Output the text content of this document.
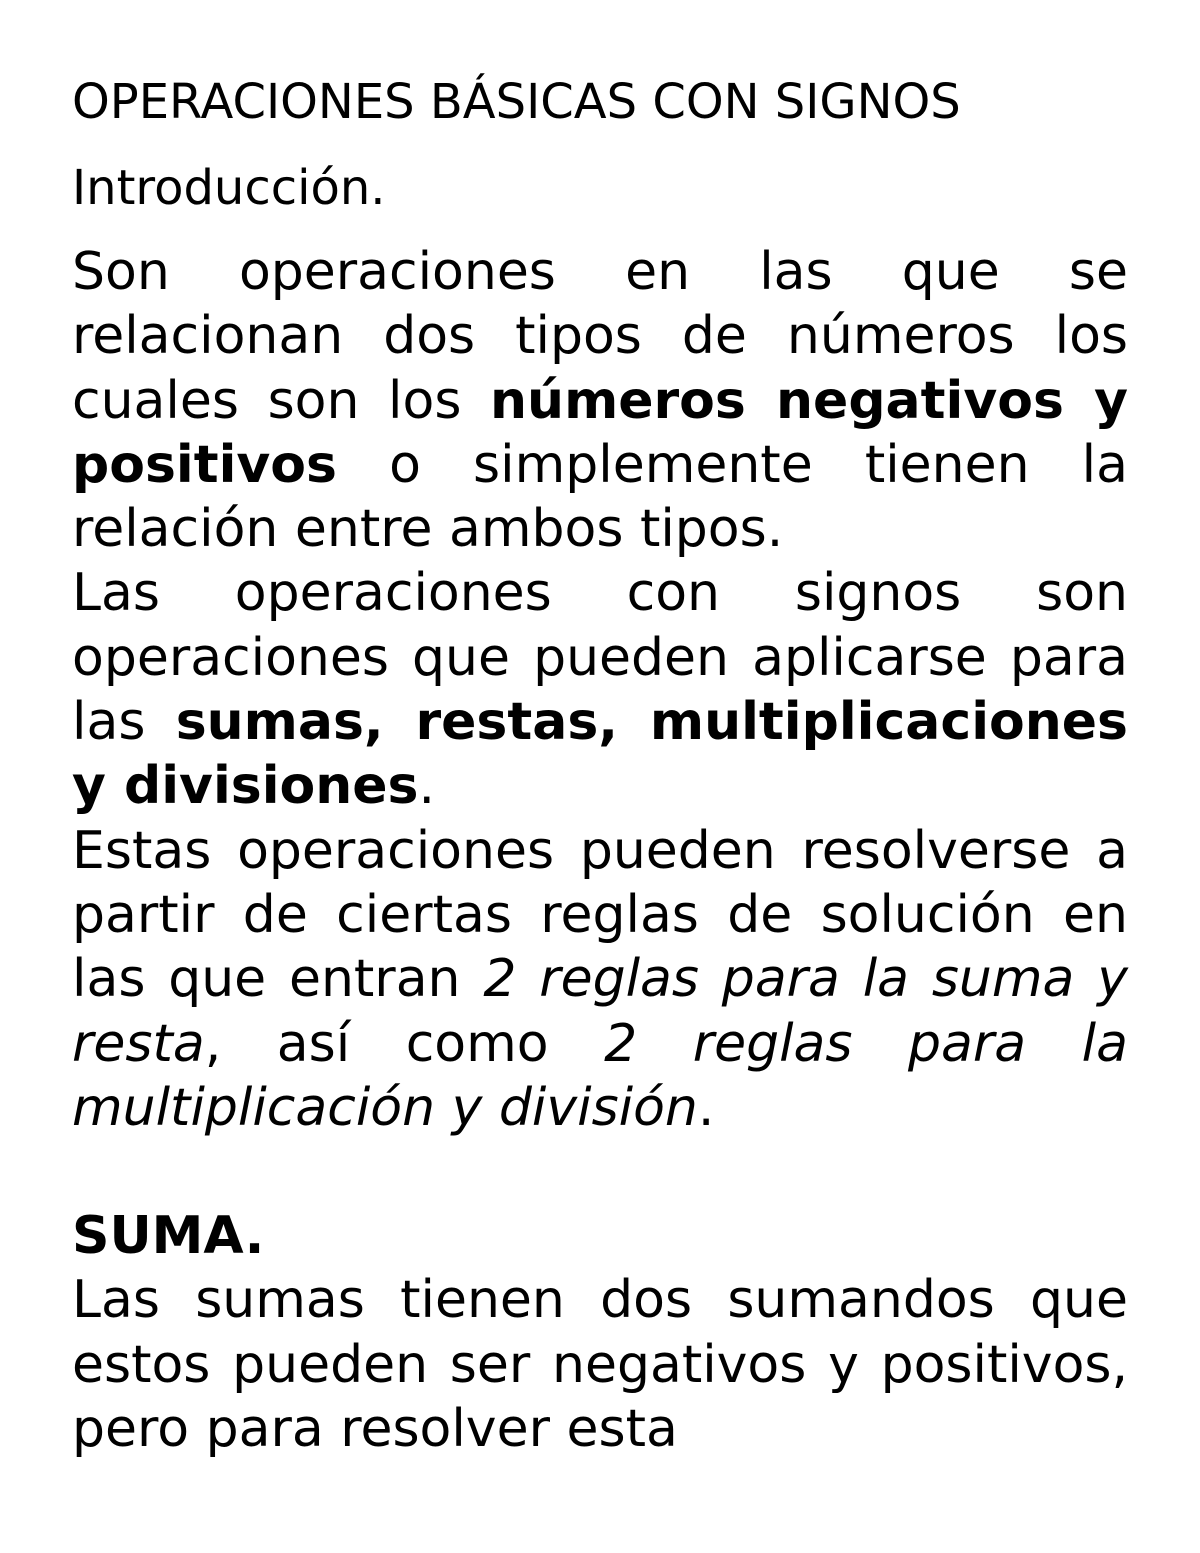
OPERACIONES BÁSICAS CON SIGNOS
Introducción.

Son operaciones en las que se relacionan dos tipos de números los cuales son los números negativos y positivos o simplemente tienen la relación entre ambos tipos.

Las operaciones con signos son operaciones que pueden aplicarse para las sumas, restas, multiplicaciones y divisiones.

Estas operaciones pueden resolverse a partir de ciertas reglas de solución en las que entran 2 reglas para la suma y resta, así como 2 reglas para la multiplicación y división.

SUMA.

Las sumas tienen dos sumandos que estos pueden ser negativos y positivos, pero para resolver esta
